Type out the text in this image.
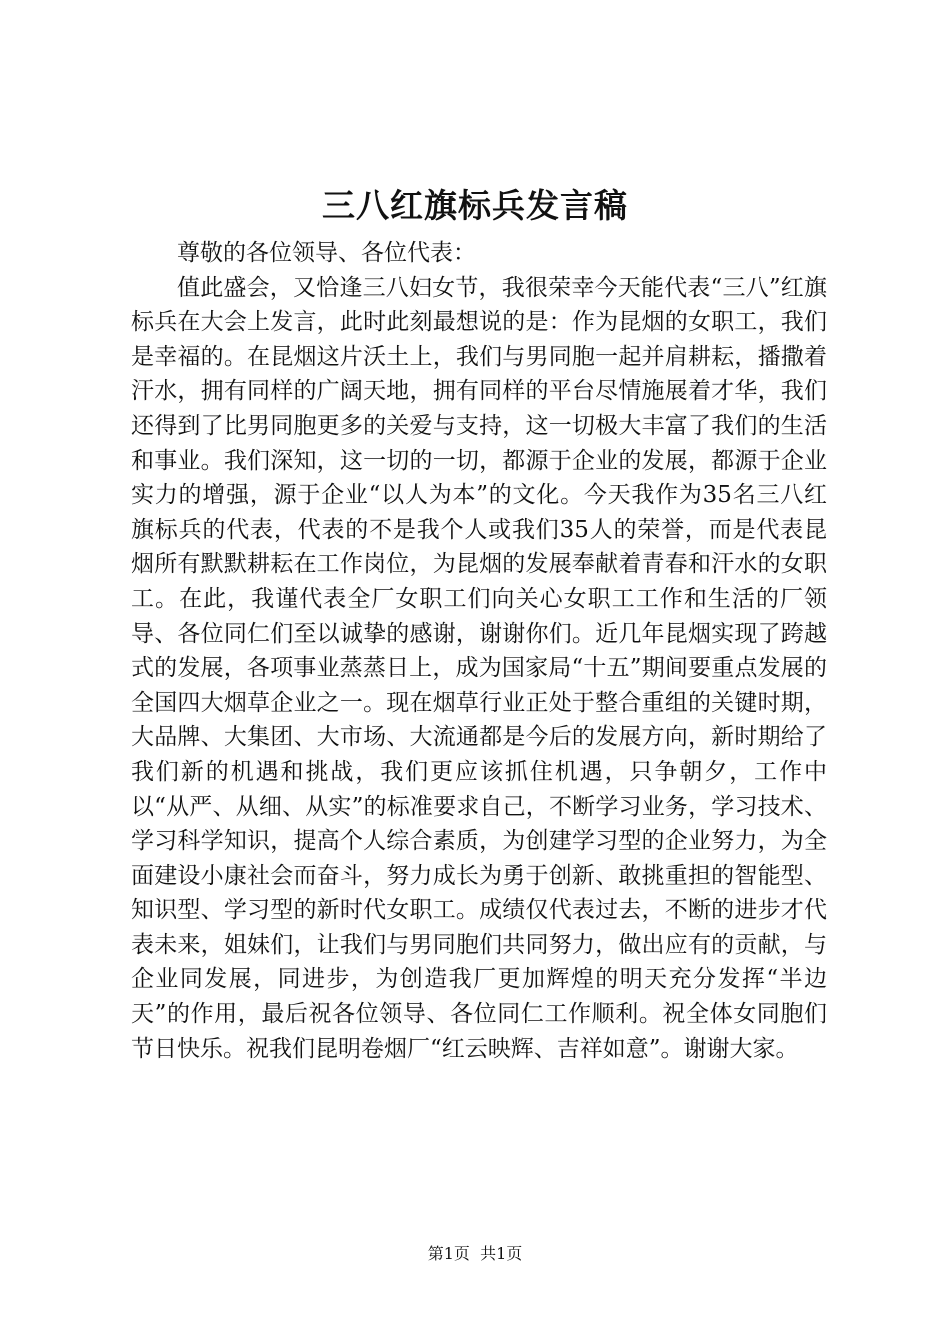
三八红旗标兵发言稿

尊敬的各位领导、各位代表：

值此盛会，又恰逢三八妇女节，我很荣幸今天能代表“三八”红旗标兵在大会上发言，此时此刻最想说的是：作为昆烟的女职工，我们是幸福的。在昆烟这片沃土上，我们与男同胞一起并肩耕耘，播撒着汗水，拥有同样的广阔天地，拥有同样的平台尽情施展着才华，我们还得到了比男同胞更多的关爱与支持，这一切极大丰富了我们的生活和事业。我们深知，这一切的一切，都源于企业的发展，都源于企业实力的增强，源于企业“以人为本”的文化。今天我作为35名三八红旗标兵的代表，代表的不是我个人或我们35人的荣誉，而是代表昆烟所有默默耕耘在工作岗位，为昆烟的发展奉献着青春和汗水的女职工。在此，我谨代表全厂女职工们向关心女职工工作和生活的厂领导、各位同仁们至以诚挚的感谢，谢谢你们。近几年昆烟实现了跨越式的发展，各项事业蒸蒸日上，成为国家局“十五”期间要重点发展的全国四大烟草企业之一。现在烟草行业正处于整合重组的关键时期，大品牌、大集团、大市场、大流通都是今后的发展方向，新时期给了我们新的机遇和挑战，我们更应该抓住机遇，只争朝夕，工作中以“从严、从细、从实”的标准要求自己，不断学习业务，学习技术、学习科学知识，提高个人综合素质，为创建学习型的企业努力，为全面建设小康社会而奋斗，努力成长为勇于创新、敢挑重担的智能型、知识型、学习型的新时代女职工。成绩仅代表过去，不断的进步才代表未来，姐妹们，让我们与男同胞们共同努力，做出应有的贡献，与企业同发展，同进步，为创造我厂更加辉煌的明天充分发挥“半边天”的作用，最后祝各位领导、各位同仁工作顺利。祝全体女同胞们节日快乐。祝我们昆明卷烟厂“红云映辉、吉祥如意”。谢谢大家。

第1页 共1页
